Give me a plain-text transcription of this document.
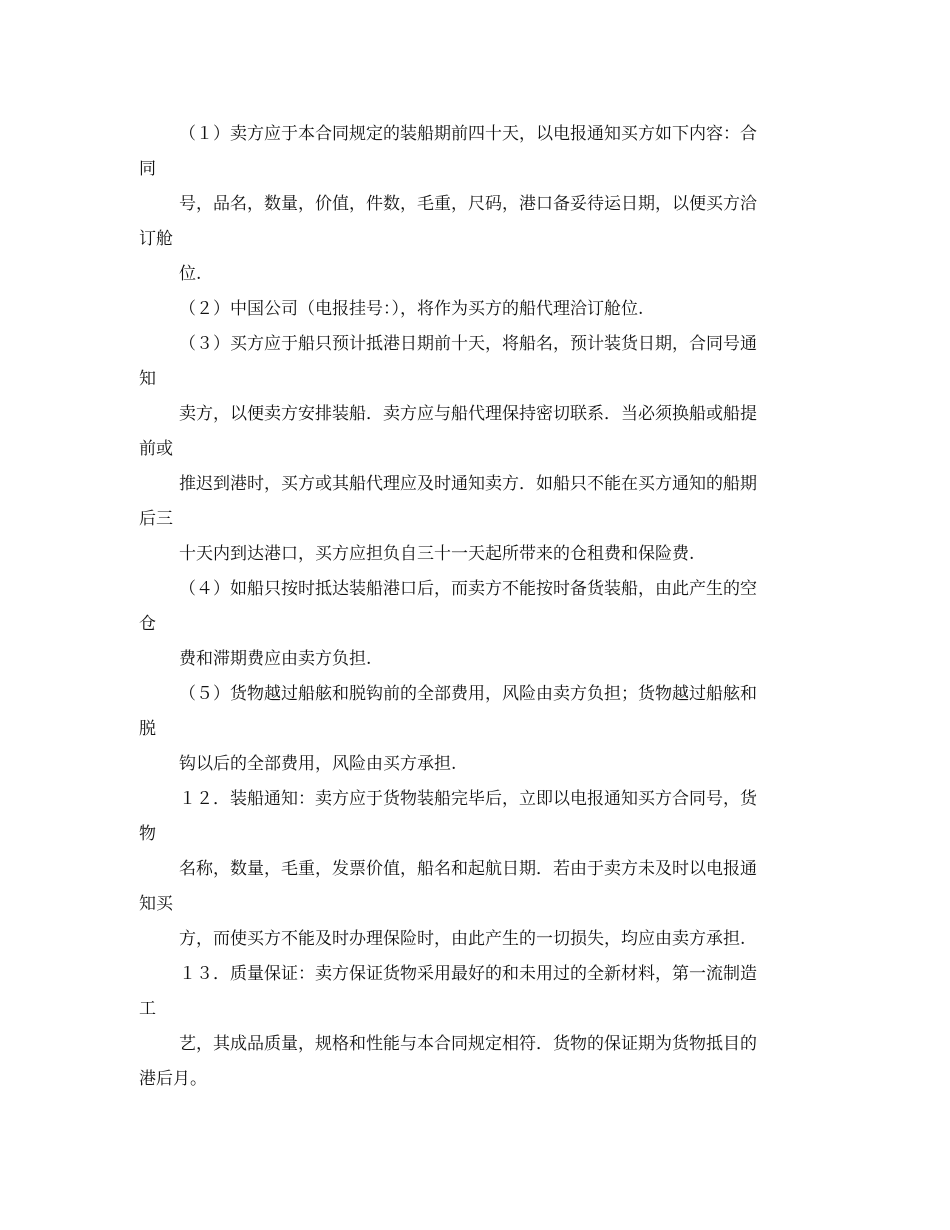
（１）卖方应于本合同规定的装船期前四十天，以电报通知买方如下内容：合
同
号，品名，数量，价值，件数，毛重，尺码，港口备妥待运日期，以便买方洽
订舱
位.
（２）中国公司（电报挂号：），将作为买方的船代理洽订舱位.
（３）买方应于船只预计抵港日期前十天，将船名，预计装货日期，合同号通
知
卖方，以便卖方安排装船．卖方应与船代理保持密切联系．当必须换船或船提
前或
推迟到港时，买方或其船代理应及时通知卖方．如船只不能在买方通知的船期
后三
十天内到达港口，买方应担负自三十一天起所带来的仓租费和保险费.
（４）如船只按时抵达装船港口后，而卖方不能按时备货装船，由此产生的空
仓
费和滞期费应由卖方负担.
（５）货物越过船舷和脱钩前的全部费用，风险由卖方负担；货物越过船舷和
脱
钩以后的全部费用，风险由买方承担.
１２．装船通知：卖方应于货物装船完毕后，立即以电报通知买方合同号，货
物
名称，数量，毛重，发票价值，船名和起航日期．若由于卖方未及时以电报通
知买
方，而使买方不能及时办理保险时，由此产生的一切损失，均应由卖方承担.
１３．质量保证：卖方保证货物采用最好的和未用过的全新材料，第一流制造
工
艺，其成品质量，规格和性能与本合同规定相符．货物的保证期为货物抵目的
港后月。
